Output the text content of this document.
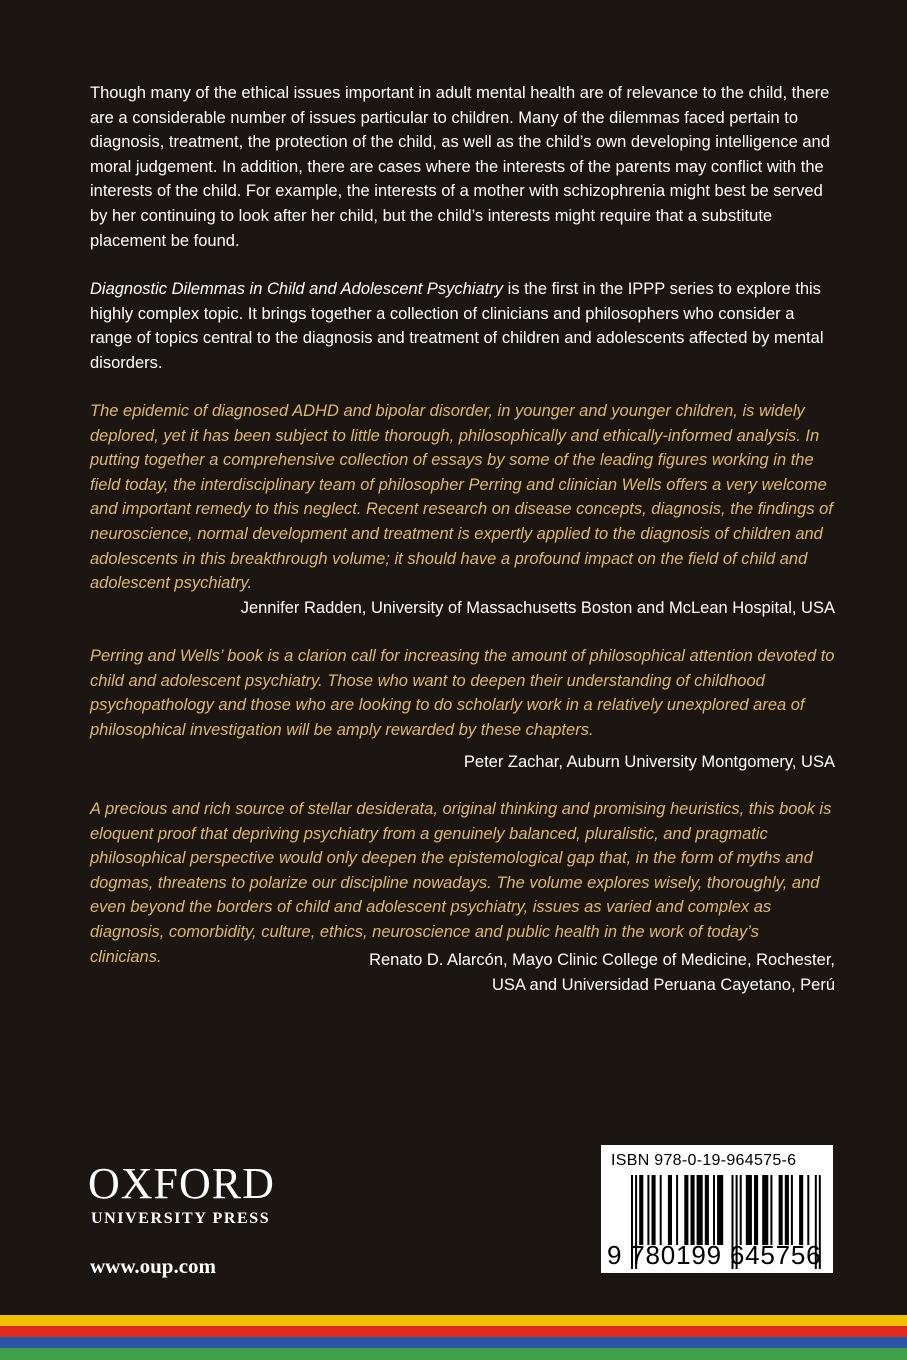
Though many of the ethical issues important in adult mental health are of relevance to the child, there are a considerable number of issues particular to children. Many of the dilemmas faced pertain to diagnosis, treatment, the protection of the child, as well as the child’s own developing intelligence and moral judgement. In addition, there are cases where the interests of the parents may conflict with the interests of the child. For example, the interests of a mother with schizophrenia might best be served by her continuing to look after her child, but the child’s interests might require that a substitute placement be found.

Diagnostic Dilemmas in Child and Adolescent Psychiatry is the first in the IPPP series to explore this highly complex topic. It brings together a collection of clinicians and philosophers who consider a range of topics central to the diagnosis and treatment of children and adolescents affected by mental disorders.

The epidemic of diagnosed ADHD and bipolar disorder, in younger and younger children, is widely deplored, yet it has been subject to little thorough, philosophically and ethically-informed analysis. In putting together a comprehensive collection of essays by some of the leading figures working in the field today, the interdisciplinary team of philosopher Perring and clinician Wells offers a very welcome and important remedy to this neglect. Recent research on disease concepts, diagnosis, the findings of neuroscience, normal development and treatment is expertly applied to the diagnosis of children and adolescents in this breakthrough volume; it should have a profound impact on the field of child and adolescent psychiatry.

Jennifer Radden, University of Massachusetts Boston and McLean Hospital, USA

Perring and Wells’ book is a clarion call for increasing the amount of philosophical attention devoted to child and adolescent psychiatry. Those who want to deepen their understanding of childhood psychopathology and those who are looking to do scholarly work in a relatively unexplored area of philosophical investigation will be amply rewarded by these chapters.

Peter Zachar, Auburn University Montgomery, USA

A precious and rich source of stellar desiderata, original thinking and promising heuristics, this book is eloquent proof that depriving psychiatry from a genuinely balanced, pluralistic, and pragmatic philosophical perspective would only deepen the epistemological gap that, in the form of myths and dogmas, threatens to polarize our discipline nowadays. The volume explores wisely, thoroughly, and even beyond the borders of child and adolescent psychiatry, issues as varied and complex as diagnosis, comorbidity, culture, ethics, neuroscience and public health in the work of today’s clinicians.	Renato D. Alarcón, Mayo Clinic College of Medicine, Rochester,
USA and Universidad Peruana Cayetano, Perú

OXFORD
UNIVERSITY PRESS
www.oup.com
ISBN 978-0-19-964575-6
9 780199 645756
